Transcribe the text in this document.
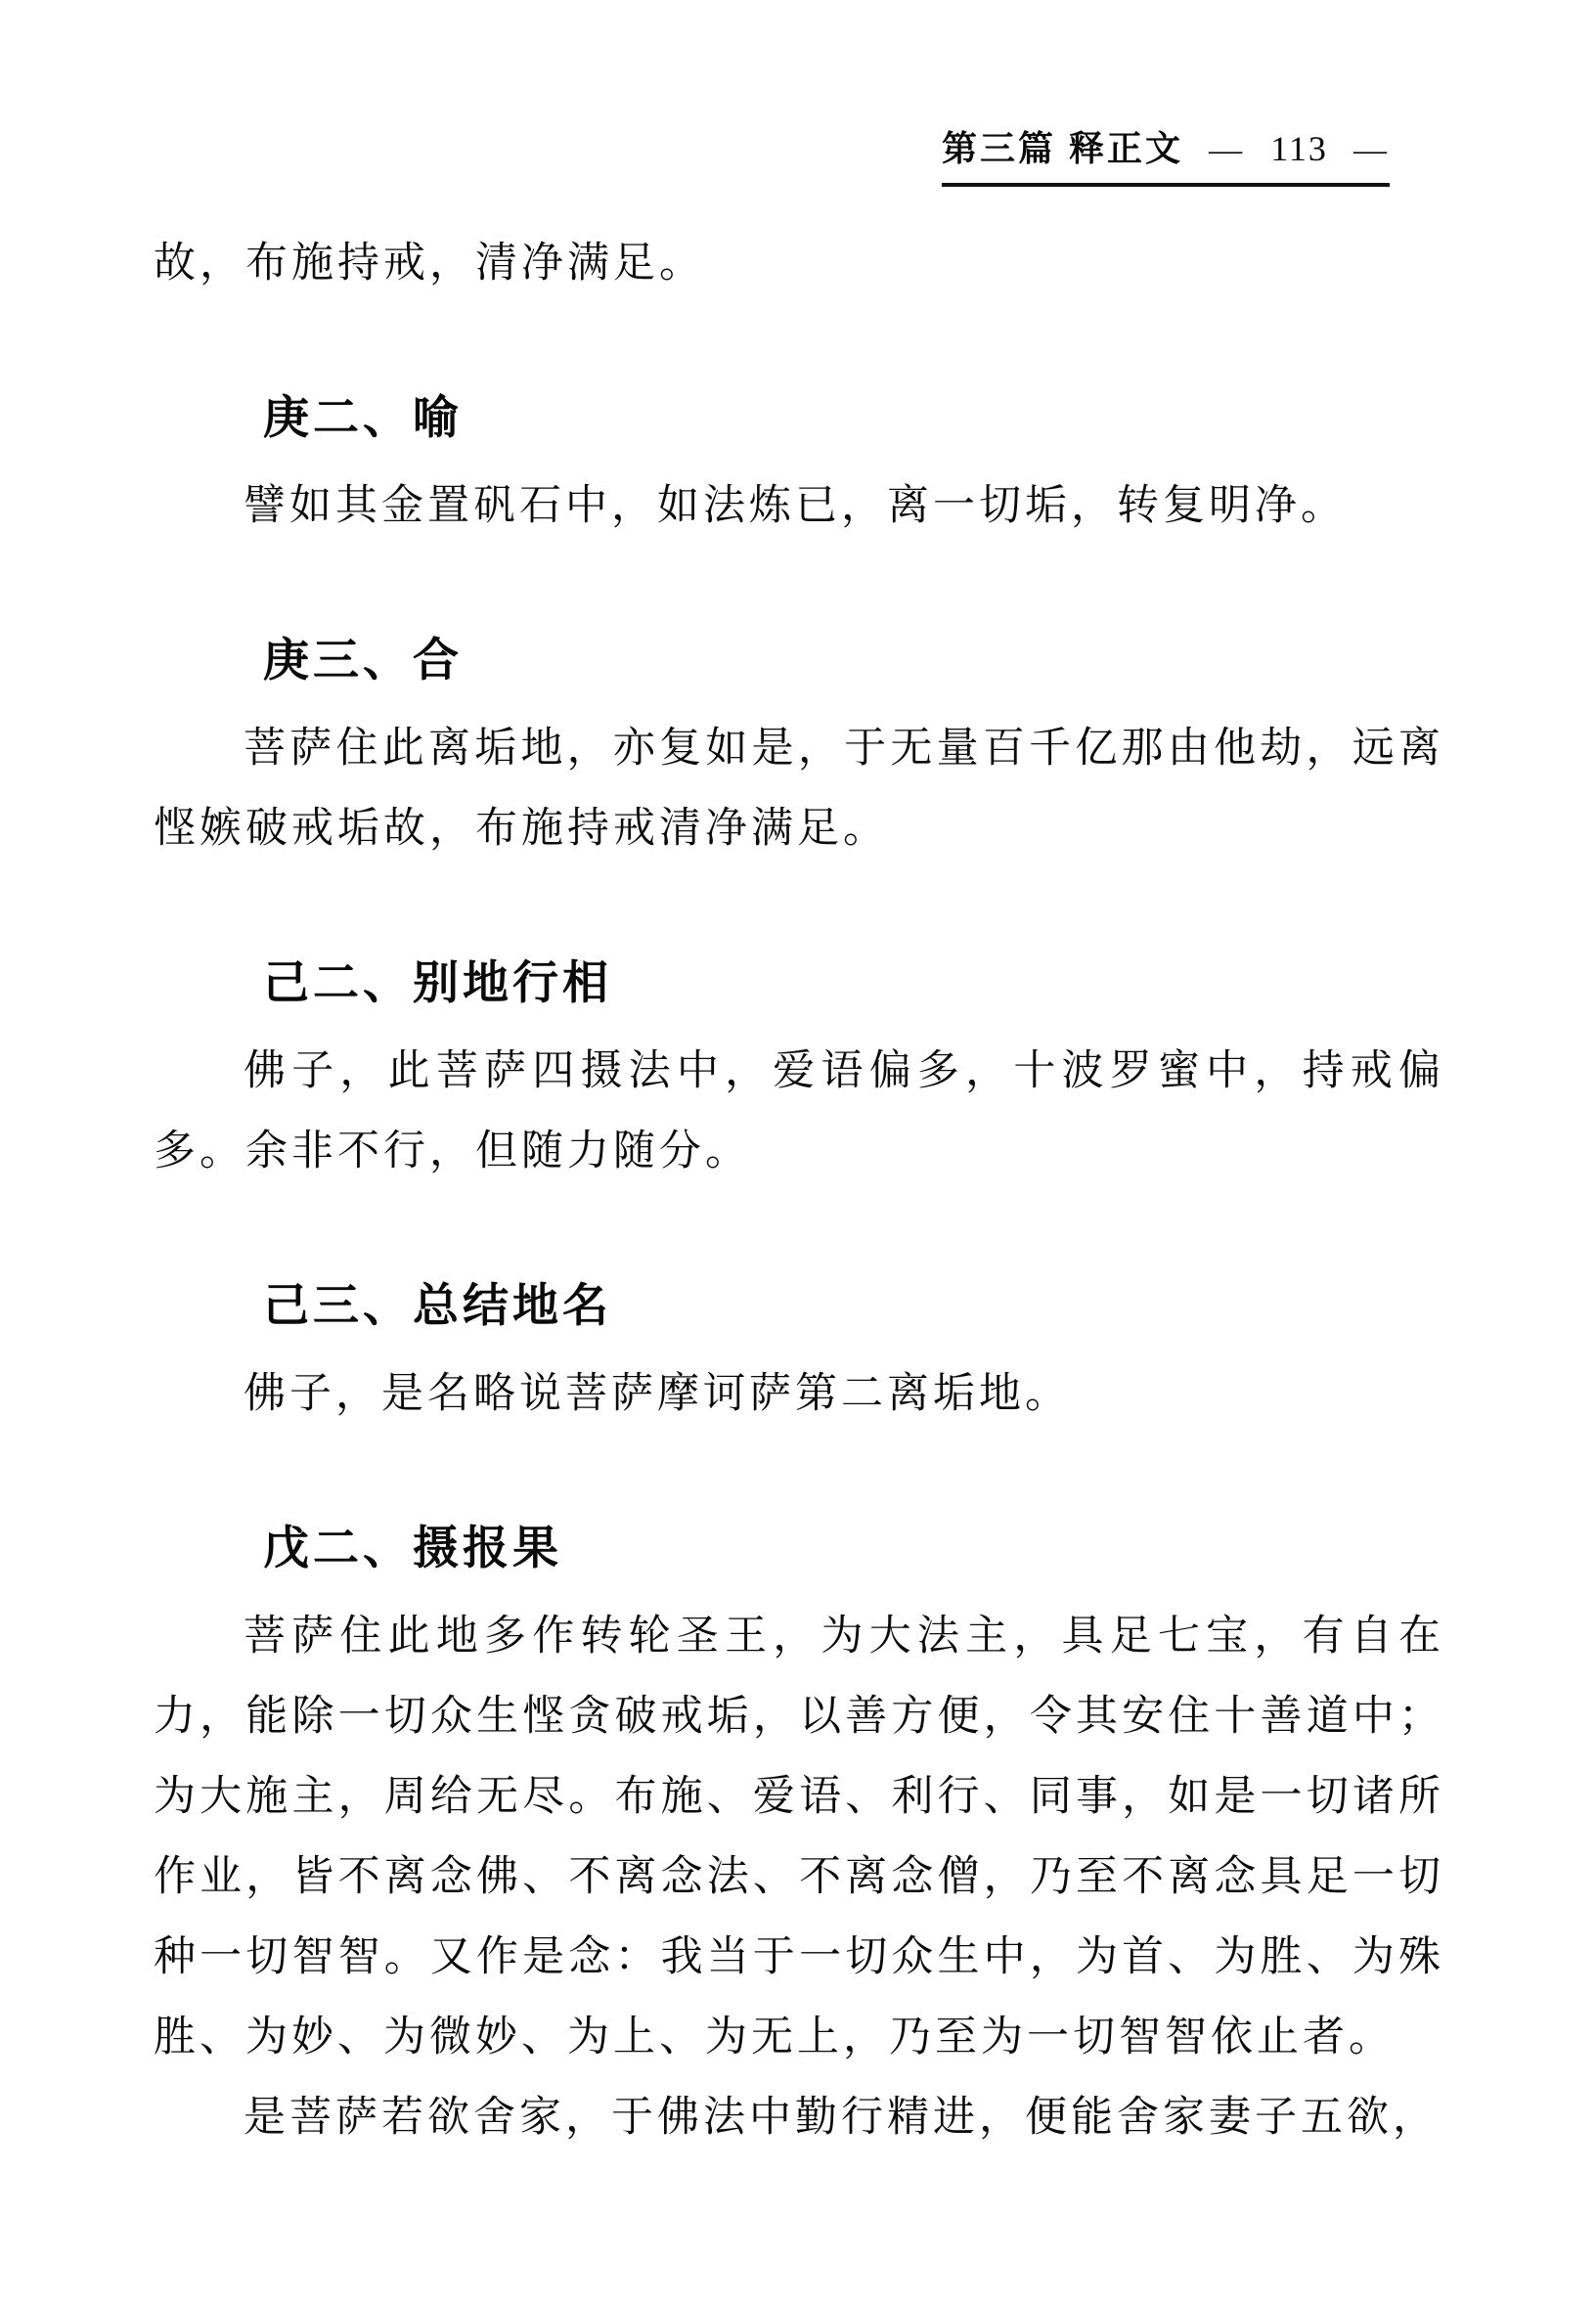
第三篇 释正文 — 113 —
故，布施持戒，清净满足。
庚二、喻
譬如其金置矾石中，如法炼已，离一切垢，转复明净。
庚三、合
菩萨住此离垢地，亦复如是，于无量百千亿那由他劫，远离
悭嫉破戒垢故，布施持戒清净满足。
己二、别地行相
佛子，此菩萨四摄法中，爱语偏多，十波罗蜜中，持戒偏
多。余非不行，但随力随分。
己三、总结地名
佛子，是名略说菩萨摩诃萨第二离垢地。
戊二、摄报果
菩萨住此地多作转轮圣王，为大法主，具足七宝，有自在
力，能除一切众生悭贪破戒垢，以善方便，令其安住十善道中；
为大施主，周给无尽。布施、爱语、利行、同事，如是一切诸所
作业，皆不离念佛、不离念法、不离念僧，乃至不离念具足一切
种一切智智。又作是念：我当于一切众生中，为首、为胜、为殊
胜、为妙、为微妙、为上、为无上，乃至为一切智智依止者。
是菩萨若欲舍家，于佛法中勤行精进，便能舍家妻子五欲，
